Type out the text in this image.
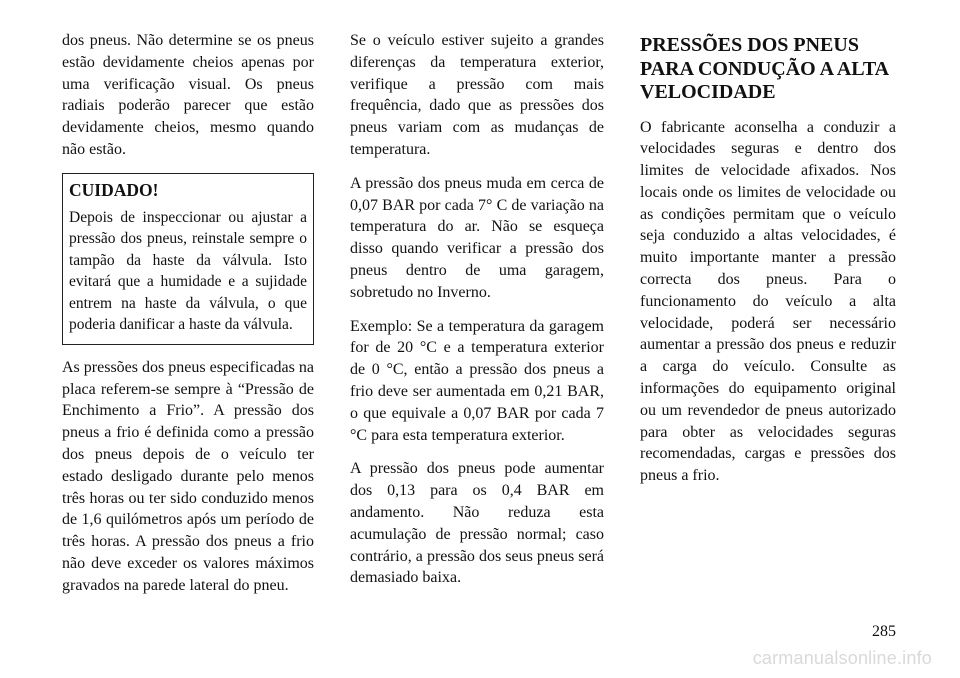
dos pneus. Não determine se os pneus estão devidamente cheios apenas por uma verificação visual. Os pneus radiais poderão parecer que estão devidamente cheios, mesmo quando não estão.

CUIDADO!

Depois de inspeccionar ou ajustar a pressão dos pneus, reinstale sempre o tampão da haste da válvula. Isto evitará que a humidade e a sujidade entrem na haste da válvula, o que poderia danificar a haste da válvula.

As pressões dos pneus especificadas na placa referem-se sempre à “Pressão de Enchimento a Frio”. A pressão dos pneus a frio é definida como a pressão dos pneus depois de o veículo ter estado desligado durante pelo menos três horas ou ter sido conduzido menos de 1,6 quilómetros após um período de três horas. A pressão dos pneus a frio não deve exceder os valores máximos gravados na parede lateral do pneu.

Se o veículo estiver sujeito a grandes diferenças da temperatura exterior, verifique a pressão com mais frequência, dado que as pressões dos pneus variam com as mudanças de temperatura.

A pressão dos pneus muda em cerca de 0,07 BAR por cada 7° C de variação na temperatura do ar. Não se esqueça disso quando verificar a pressão dos pneus dentro de uma garagem, sobretudo no Inverno.

Exemplo: Se a temperatura da garagem for de 20 °C e a temperatura exterior de 0 °C, então a pressão dos pneus a frio deve ser aumentada em 0,21 BAR, o que equivale a 0,07 BAR por cada 7 °C para esta temperatura exterior.

A pressão dos pneus pode aumentar dos 0,13 para os 0,4 BAR em andamento. Não reduza esta acumulação de pressão normal; caso contrário, a pressão dos seus pneus será demasiado baixa.

PRESSÕES DOS PNEUS PARA CONDUÇÃO A ALTA VELOCIDADE

O fabricante aconselha a conduzir a velocidades seguras e dentro dos limites de velocidade afixados. Nos locais onde os limites de velocidade ou as condições permitam que o veículo seja conduzido a altas velocidades, é muito importante manter a pressão correcta dos pneus. Para o funcionamento do veículo a alta velocidade, poderá ser necessário aumentar a pressão dos pneus e reduzir a carga do veículo. Consulte as informações do equipamento original ou um revendedor de pneus autorizado para obter as velocidades seguras recomendadas, cargas e pressões dos pneus a frio.

285
carmanualsonline.info
